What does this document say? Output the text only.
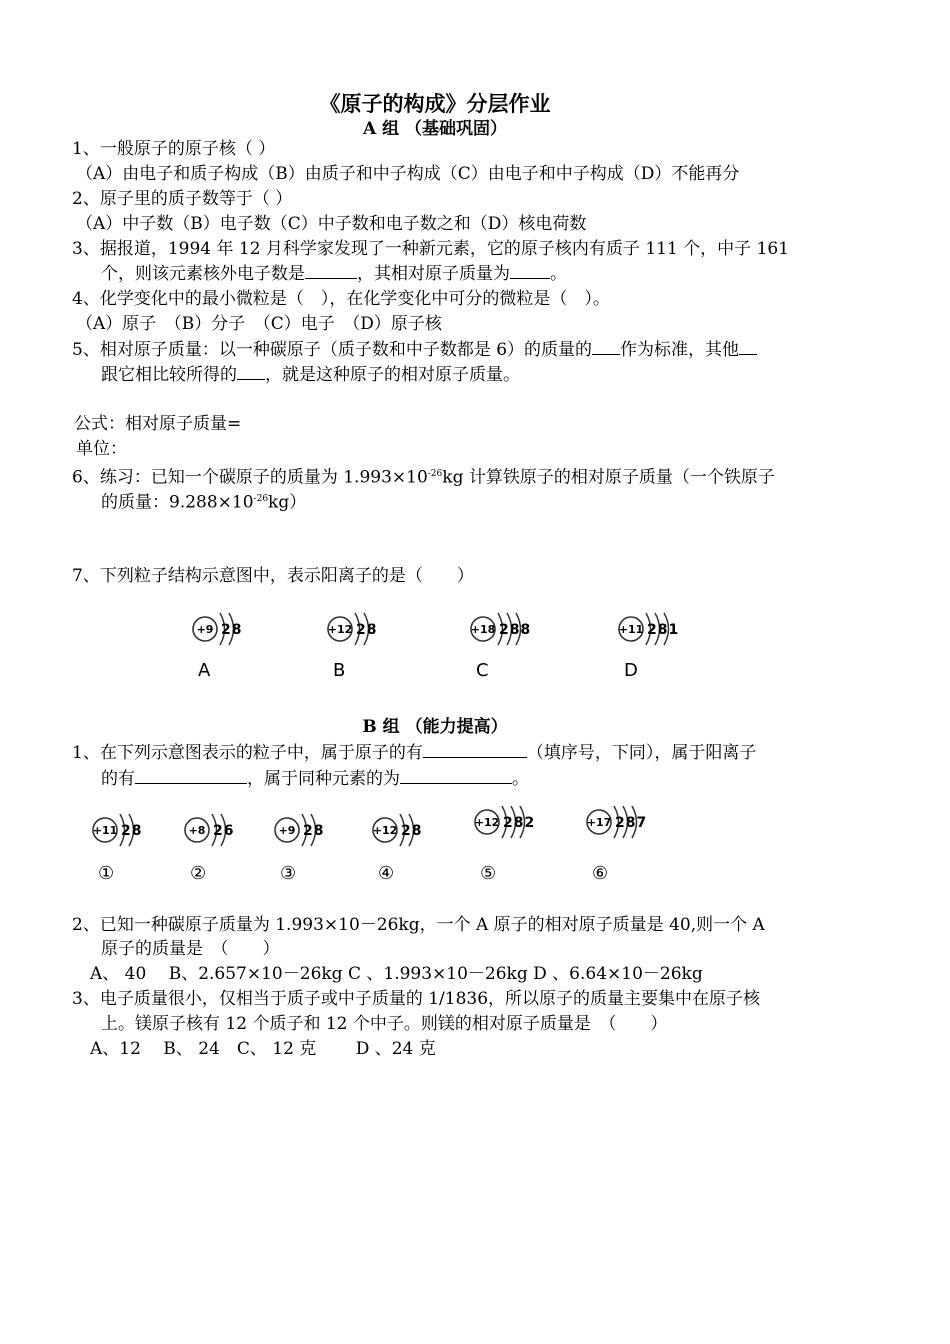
《原子的构成》分层作业
A 组 （基础巩固）
1、一般原子的原子核（ ）
（A）由电子和质子构成（B）由质子和中子构成（C）由电子和中子构成（D）不能再分
2、原子里的质子数等于（ ）
（A）中子数（B）电子数（C）中子数和电子数之和（D）核电荷数
3、据报道，1994 年 12 月科学家发现了一种新元素，它的原子核内有质子 111 个，中子 161
个，则该元素核外电子数是	，其相对原子质量为 。
4、化学变化中的最小微粒是（　），在化学变化中可分的微粒是（　）。
（A）原子　（B）分子　（C）电子　（D）原子核
5、相对原子质量：以一种碳原子（质子数和中子数都是 6）的质量的 作为标准，其他
跟它相比较所得的 ，就是这种原子的相对原子质量。
公式：相对原子质量=
单位：
6、练习：已知一个碳原子的质量为 $1.993\times 10^{-26}kg$ 计算铁原子的相对原子质量（一个铁原子
的质量：$9.288\times 10^{-26}kg$）
7、下列粒子结构示意图中，表示阳离子的是（　　）
+9 28
A
+12 28
B
+18 288
C
+11 281
D
B 组 （能力提高）
1、在下列示意图表示的粒子中，属于原子的有	（填序号，下同），属于阳离子
的有	，属于同种元素的为	。
+11 28
①
+8 26
②
+9 28
③
+12 28
④
+12 282
⑤
+17 287
⑥
2、已知一种碳原子质量为 1.993×10－26kg，一个 A 原子的相对原子质量是 40,则一个 A
原子的质量是　（　　）
A、 40　 B、2.657×10－26kg C 、1.993×10－26kg D 、6.64×10－26kg
3、电子质量很小，仅相当于质子或中子质量的 1/1836，所以原子的质量主要集中在原子核
上。镁原子核有 12 个质子和 12 个中子。则镁的相对原子质量是　（　　）
A、12　 B、 24　C、 12 克　　 D 、24 克
